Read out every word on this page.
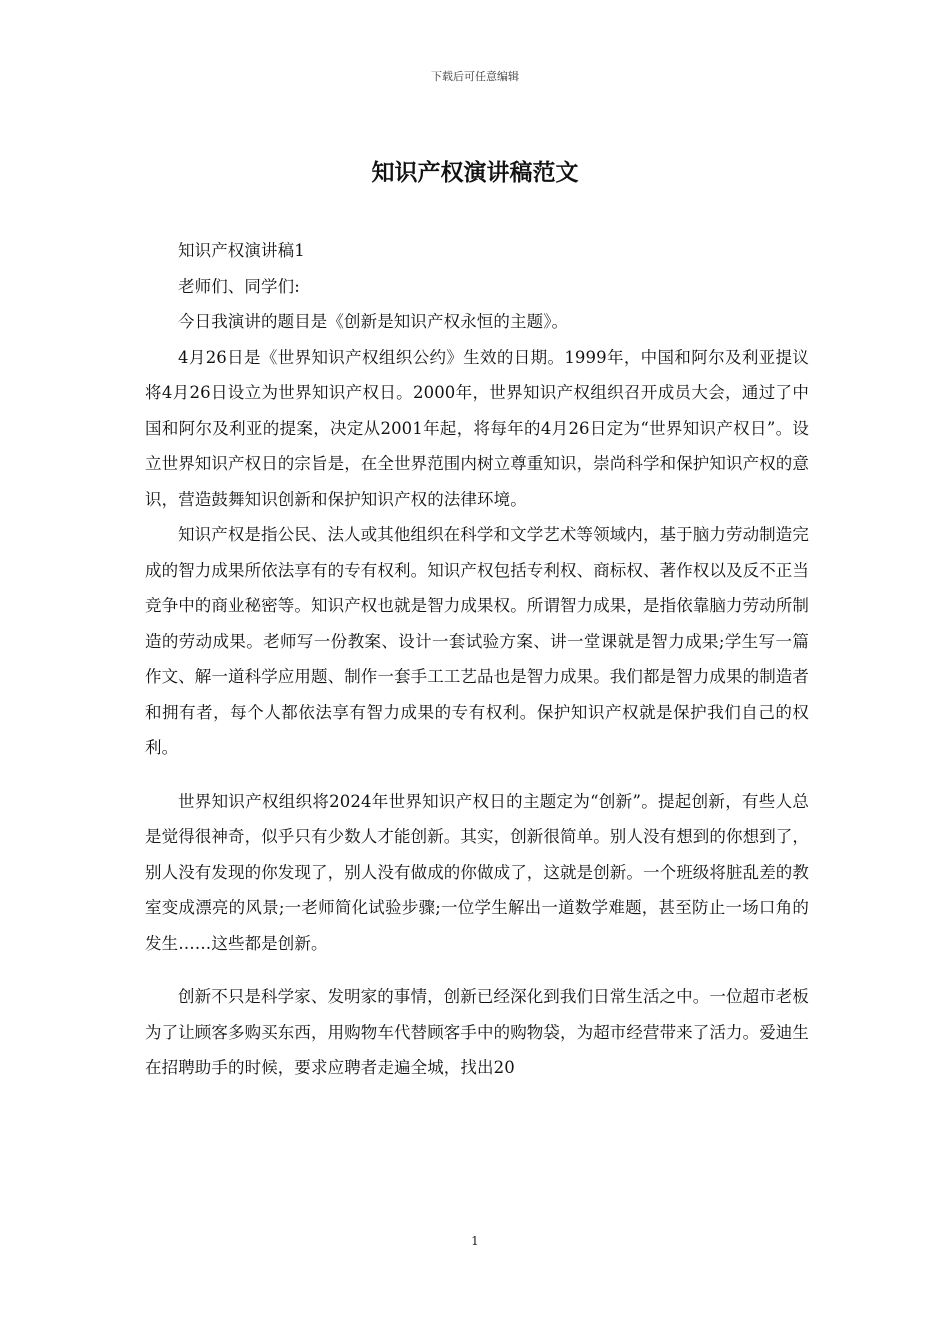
下载后可任意编辑
知识产权演讲稿范文

知识产权演讲稿1

老师们、同学们:

今日我演讲的题目是《创新是知识产权永恒的主题》。

4月26日是《世界知识产权组织公约》生效的日期。1999年，中国和阿尔及利亚提议将4月26日设立为世界知识产权日。2000年，世界知识产权组织召开成员大会，通过了中国和阿尔及利亚的提案，决定从2001年起，将每年的4月26日定为“世界知识产权日”。设立世界知识产权日的宗旨是，在全世界范围内树立尊重知识，崇尚科学和保护知识产权的意识，营造鼓舞知识创新和保护知识产权的法律环境。

知识产权是指公民、法人或其他组织在科学和文学艺术等领域内，基于脑力劳动制造完成的智力成果所依法享有的专有权利。知识产权包括专利权、商标权、著作权以及反不正当竞争中的商业秘密等。知识产权也就是智力成果权。所谓智力成果，是指依靠脑力劳动所制造的劳动成果。老师写一份教案、设计一套试验方案、讲一堂课就是智力成果;学生写一篇作文、解一道科学应用题、制作一套手工工艺品也是智力成果。我们都是智力成果的制造者和拥有者，每个人都依法享有智力成果的专有权利。保护知识产权就是保护我们自己的权利。

世界知识产权组织将2024年世界知识产权日的主题定为“创新”。提起创新，有些人总是觉得很神奇，似乎只有少数人才能创新。其实，创新很简单。别人没有想到的你想到了，别人没有发现的你发现了，别人没有做成的你做成了，这就是创新。一个班级将脏乱差的教室变成漂亮的风景;一老师简化试验步骤;一位学生解出一道数学难题，甚至防止一场口角的发生……这些都是创新。

创新不只是科学家、发明家的事情，创新已经深化到我们日常生活之中。一位超市老板为了让顾客多购买东西，用购物车代替顾客手中的购物袋，为超市经营带来了活力。爱迪生在招聘助手的时候，要求应聘者走遍全城，找出20

1
